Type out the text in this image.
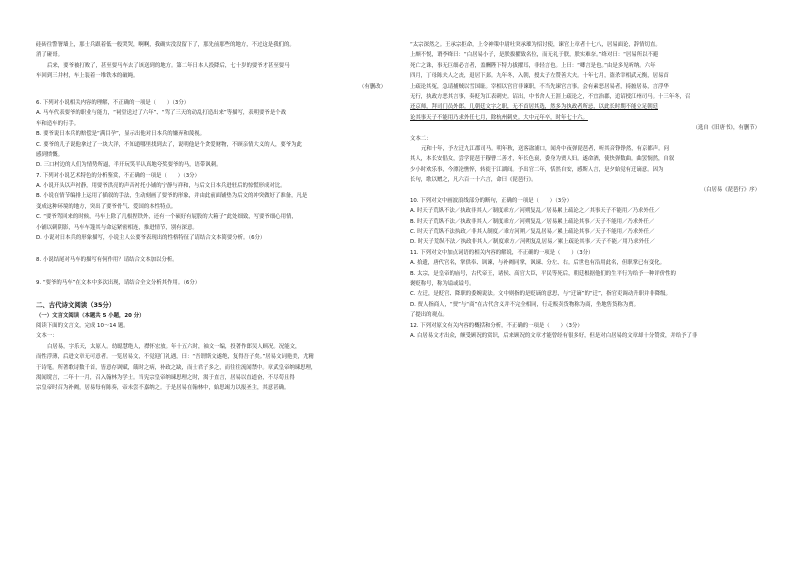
硅砖往警署墙上，那士兵跟着低一般哭哭，啊啊，我确实没没留下了，那先前那些的地方，不过这是我们的。
消了碰哥。
后来，要爷被打败了，甚至要马车去了该送到的地方。第二年日本人投降后，七十岁的要爷才甚至要马
车回到三井村，车上装着一堆铁本的破绳。
（有删改）
6. 下列对小说相关内容的理解，不正确的一项是（　　）（3分）
A. 马车代表要爷的职业与能力，“祠堂送过了六年”、“驾了三天的动乱打造出来”等描写，表明要爷是个战
车和造车的行手。
B. 要爷说日本兵的赔偿是“满目孕”，显示出他对日本兵的嫌弃和蔑视。
C. 要爷的儿子说他拿过了一块大洋，不知道哪里找到去了，说明他是个贪爱财物，不顾亲情大义的人，要爷为此
感到愤慨。
D. 三口村边的人们为情势所逼，半开玩笑半认真地夸奖要爷的马，语带讽刺。
7. 下列对小说艺术特色的分析鉴赏，不正确的一项是（　　）（3分）
A. 小说开头以声衬静，用要爷洪亮的声音衬托小铺的宁静与祥和，与后文日本兵进驻后的惊慌形成对比。
B. 小说在情节编排上运用了插叙的手法，生动刻画了要爷的形象，并由此前面铺垫为后文的冲突做好了准备，凡是
变成这种环境的地方，突出了要爷骨气、爱国的本性特点。
C. “要爷驾回来的时候，马车上除了几根捏铁外，还有一个硕好有屁股的大箱子”此处细致，写要爷细心用情，
小铺以刺阴影，马车车篷其与命运紧密相连，推进情节，别有深意。
D. 小说对日本兵的形象描写，小说主人公要爷表现出的性格特征了请结合文本简要分析。（6分）
8. 小说结尾对马车的描写有何作用？请结合文本加以分析。
9. “要爷的马车”在文本中多次出现，请结合全文分析其作用。（6分）
二、古代诗文阅读（35分）
（一）文言文阅读（本题共 5 小题，20 分）
阅读下面的文言文，完成 10～14 题。
文本一：
白居易，字乐天，太原人。幼聪慧绝人，襟怀宏放。年十五六时，袖文一编，投著作郎吴人顾况。况能文，
而性浮薄，后进文章无可意者。一览居易文，不觉迎门礼遇，曰：“吾谓斯文遂绝，复得吾子矣。”居易文词艳美，尤精
于诗笔。所著歌诗数千首，皆意存讽赋，箴时之病，补政之缺，而士君子多之，而往往流闻禁中。章武皇帝纳谏思理，
渴闻谠言，二年十一月，召入翰林为学士。当宪宗皇帝纳谏思理之时，渴于直言，居易以直道奋，不尽苟且得
宗皇帝时召为补阙，居易每有陈奏，帝未尝不嘉纳之。于是居易在翰林中，始思竭力以报圣主，其意甚确。
“太宗深然之。王承宗拒命，上令神策中尉吐突承璀为招讨使，谏官上章者十七八，居易面论，辞情切直。
上颇不悦，谓李绛曰：“白居易小子，是朕拔擢致名位，而无礼于朕，朕实难奈。”绛对曰：“居易所以不避
死亡之诛，事无巨细必言者，盖酬陛下特力拔擢耳，非轻言也。上曰：“卿言是也。”由是多见听纳。六年
四月，丁母陈夫人之丧，退居下邽。九年冬，入朝，授太子左赞善大夫。十年七月，盗杀宰相武元衡，居易首
上疏论其冤，急请捕贼以雪国耻。宰相以宫官非谏职，不当先谏官言事。会有素恶居易者，掎摭居易，言浮华
无行，执政方恶其言事，奏贬为江表刺史。诏出，中书舍人王涯上疏论之，不宜治郡，追诏授江州司马。十三年冬，召
还京师，拜司门员外郎。几朝廷文字之职，无不首居其选，然多为执政者所忌，以此长时期不能立足朝廷
论其事天子不能用乃求外任七月，除杭州刺史。大中元年卒，时年七十六。
（选自《旧唐书》，有删节）
文本二：
元和十年，予左迁九江郡司马。明年秋，送客湓浦口，闻舟中夜弹琵琶者，听其音铮铮然，有京都声。问
其人，本长安倡女，尝学琵琶于穆曹二善才，年长色衰，委身为贾人妇。遂命酒，使快弹数曲。曲罢悯然，自叙
少小时欢乐事，今漂沦憔悴，转徙于江湖间。予出官二年，恬然自安，感斯人言，是夕始觉有迁谪意。因为
长句，歌以赠之，凡六百一十六言，命曰《琵琶行》。
（白居易《琵琶行》序）
10. 下列对文中画波浪线部分的断句，正确的一项是（　　）（3分）
A. 时天子荒纵不法／执政非其人／制度乖方／河朔复乱／居易累上疏论之／其事天子不能用／乃求外任／
B. 时天子荒纵不法／执政非其人／制度乖方／河朔复乱／居易累上疏论其事／天子不能用／乃求外任／
C. 时天子荒纵不法执政／非其人制度／乖方河朔／复乱居易／累上疏论其事／天子不能用／乃求外任／
D. 时天子荒纵不法／执政非其人／制度乖方／河朔复乱居易／累上疏论其事／天子不能／用乃求外任／
11. 下列对文中加点词语的相关内容的解说，不正确的一项是（　　）（3分）
A. 拾遗，唐代官名，掌供奉、讽谏，与补阙同掌，讽谏、分左、右。后世也有沿用此名，但职掌已有变化。
B. 太宗，是皇帝的庙号，古代帝王，诸侯、高官大臣，平民等死后，朝廷根据他们的生平行为给予一种评价性的
褒贬称号，称为谥或谥号。
C. 左迁，是贬官、降职的委婉说法。文中则指的是贬谪的意思，与“迁谪”的“迁”，指官吏调动升职并非降级。
D. 贾人指商人，“贾”与“商”在古代含义并不完全相同，行走贩卖货物称为商，坐地售货称为贾。
了提出的观点。
12. 下列对原文有关内容的概括和分析，不正确的一项是（　　）（3分）
A. 白居易文才出众，颇受顾况的赏识，后来顾况的文章才能曾经有很多好，但是对白居易的文章却十分赞赏，并给予了非
